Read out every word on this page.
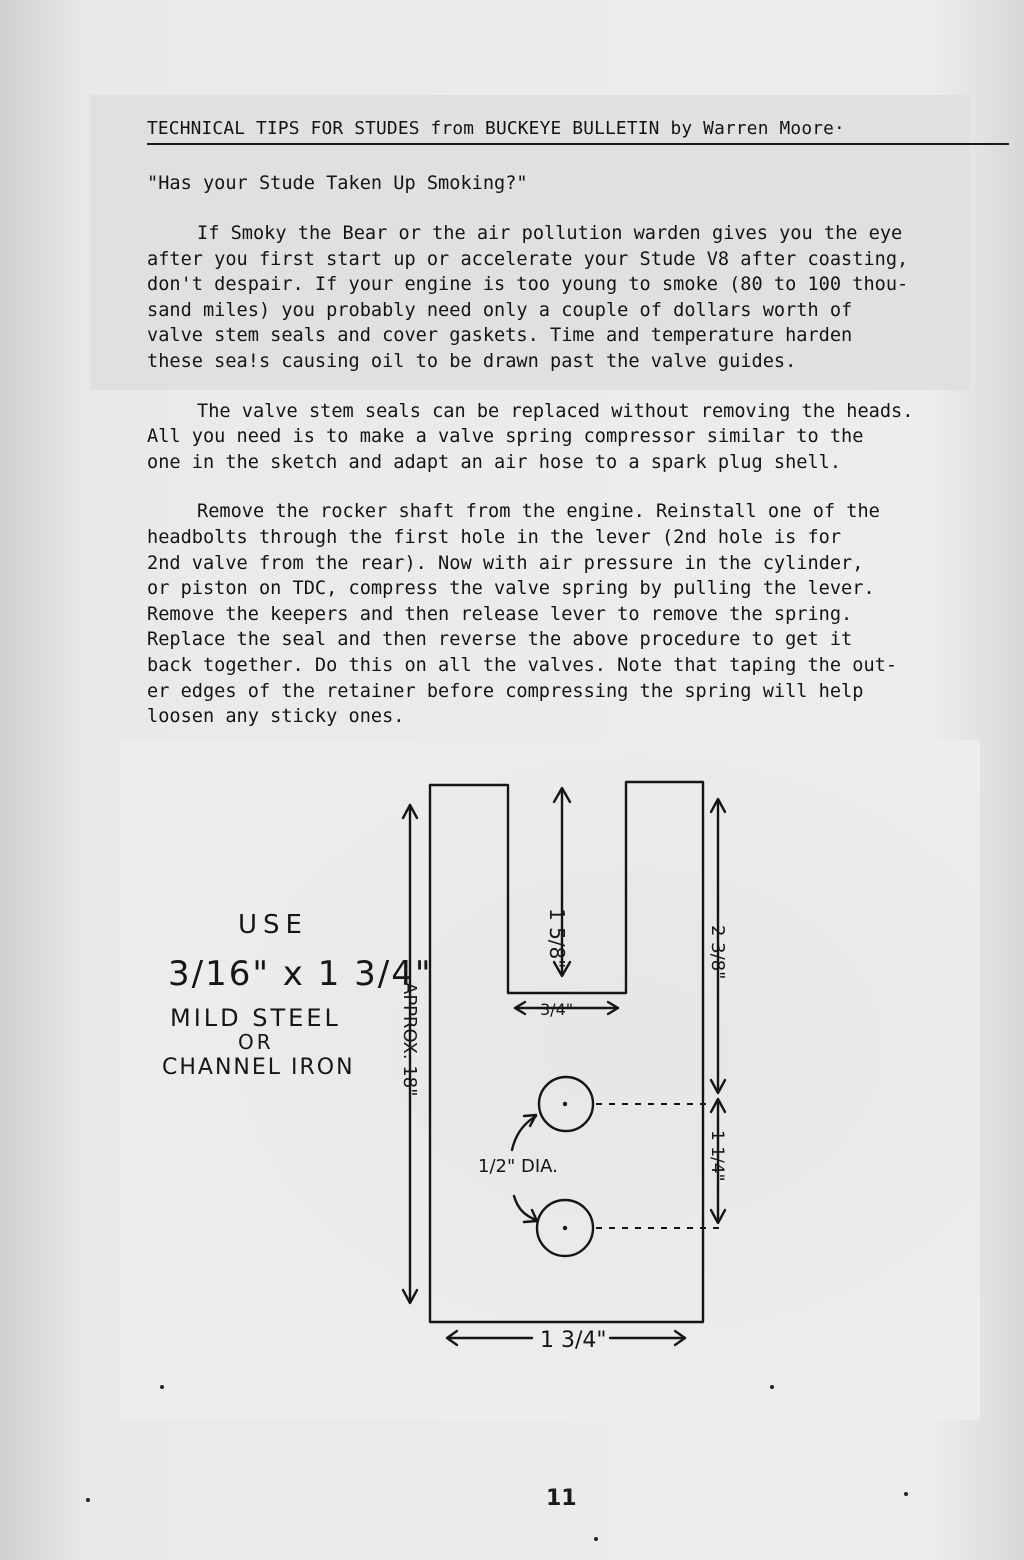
TECHNICAL TIPS FOR STUDES from BUCKEYE BULLETIN by Warren Moore·
"Has your Stude Taken Up Smoking?"
If Smoky the Bear or the air pollution warden gives you the eye
after you first start up or accelerate your Stude V8 after coasting,
don't despair. If your engine is too young to smoke (80 to 100 thou-
sand miles) you probably need only a couple of dollars worth of
valve stem seals and cover gaskets. Time and temperature harden
these sea!s causing oil to be drawn past the valve guides.
The valve stem seals can be replaced without removing the heads.
All you need is to make a valve spring compressor similar to the
one in the sketch and adapt an air hose to a spark plug shell.
Remove the rocker shaft from the engine. Reinstall one of the
headbolts through the first hole in the lever (2nd hole is for
2nd valve from the rear). Now with air pressure in the cylinder,
or piston on TDC, compress the valve spring by pulling the lever.
Remove the keepers and then release lever to remove the spring.
Replace the seal and then reverse the above procedure to get it
back together. Do this on all the valves. Note that taping the out-
er edges of the retainer before compressing the spring will help
loosen any sticky ones.
USE
3/16" x 1 3/4"
MILD STEEL
OR
CHANNEL IRON
1 5/8"
3/4"
APPROX. 18"
2 3/8"
1 1/4"
1/2" DIA.
1 3/4"
11
